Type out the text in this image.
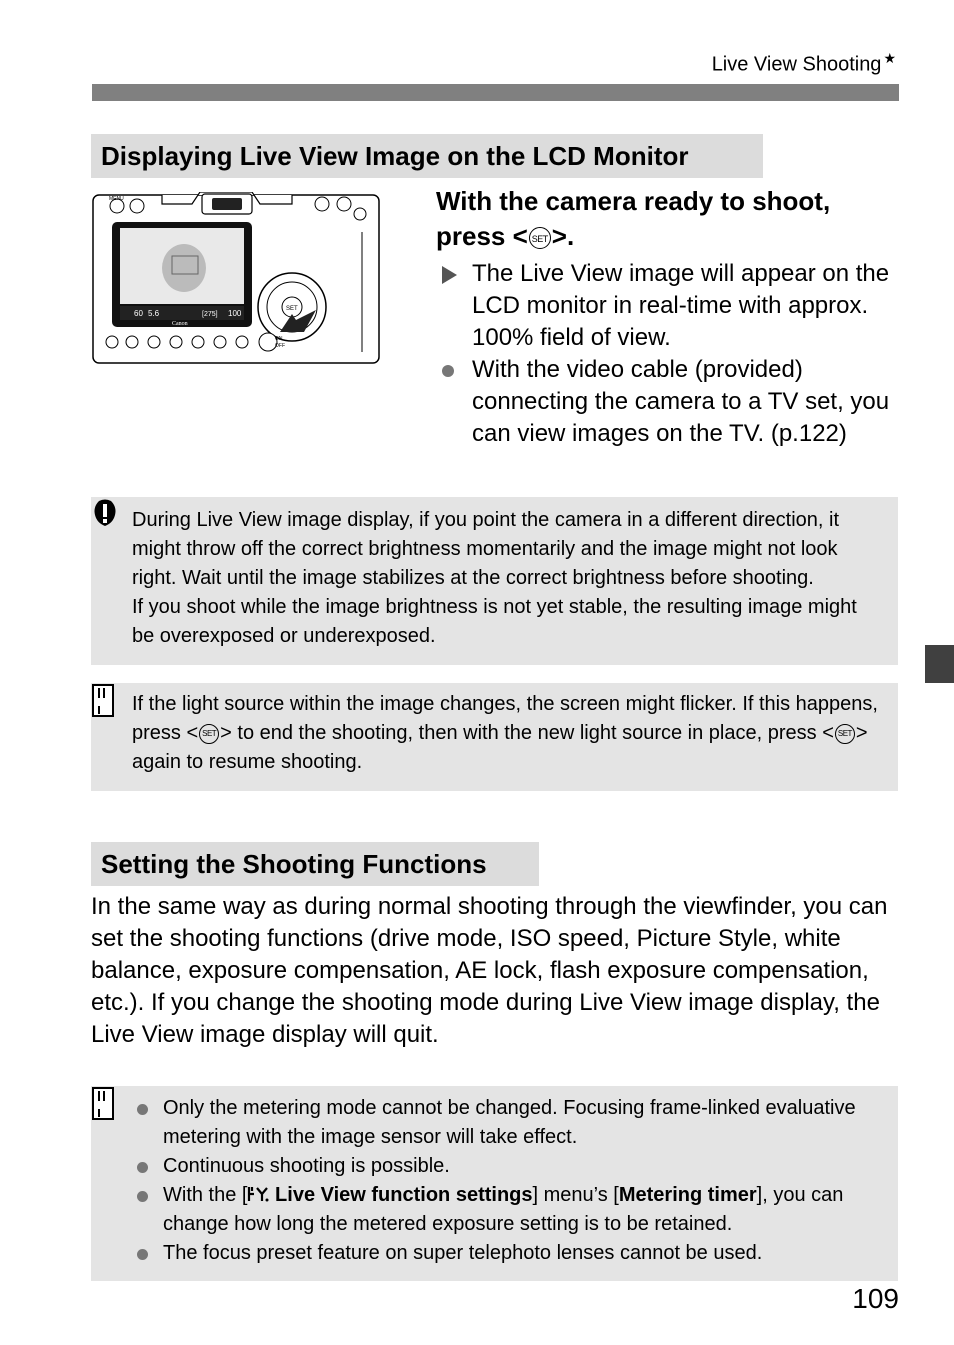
Live View Shooting ★
Displaying Live View Image on the LCD Monitor
60 5.6	[275] 100
Canon
MENU
ON
OFF
SET
With the camera ready to shoot, press < SET >.
The Live View image will appear on the LCD monitor in real-time with approx. 100% field of view.
With the video cable (provided) connecting the camera to a TV set, you can view images on the TV. (p.122)
During Live View image display, if you point the camera in a different direction, it might throw off the correct brightness momentarily and the image might not look right. Wait until the image stabilizes at the correct brightness before shooting.
If you shoot while the image brightness is not yet stable, the resulting image might be overexposed or underexposed.
If the light source within the image changes, the screen might flicker. If this happens, press < SET > to end the shooting, then with the new light source in place, press < SET > again to resume shooting.
Setting the Shooting Functions
In the same way as during normal shooting through the viewfinder, you can set the shooting functions (drive mode, ISO speed, Picture Style, white balance, exposure compensation, AE lock, flash exposure compensation, etc.). If you change the shooting mode during Live View image display, the Live View image display will quit.
Only the metering mode cannot be changed. Focusing frame-linked evaluative metering with the image sensor will take effect.
Continuous shooting is possible.
With the [ Live View function settings] menu’s [Metering timer], you can change how long the metered exposure setting is to be retained.
The focus preset feature on super telephoto lenses cannot be used.
109
